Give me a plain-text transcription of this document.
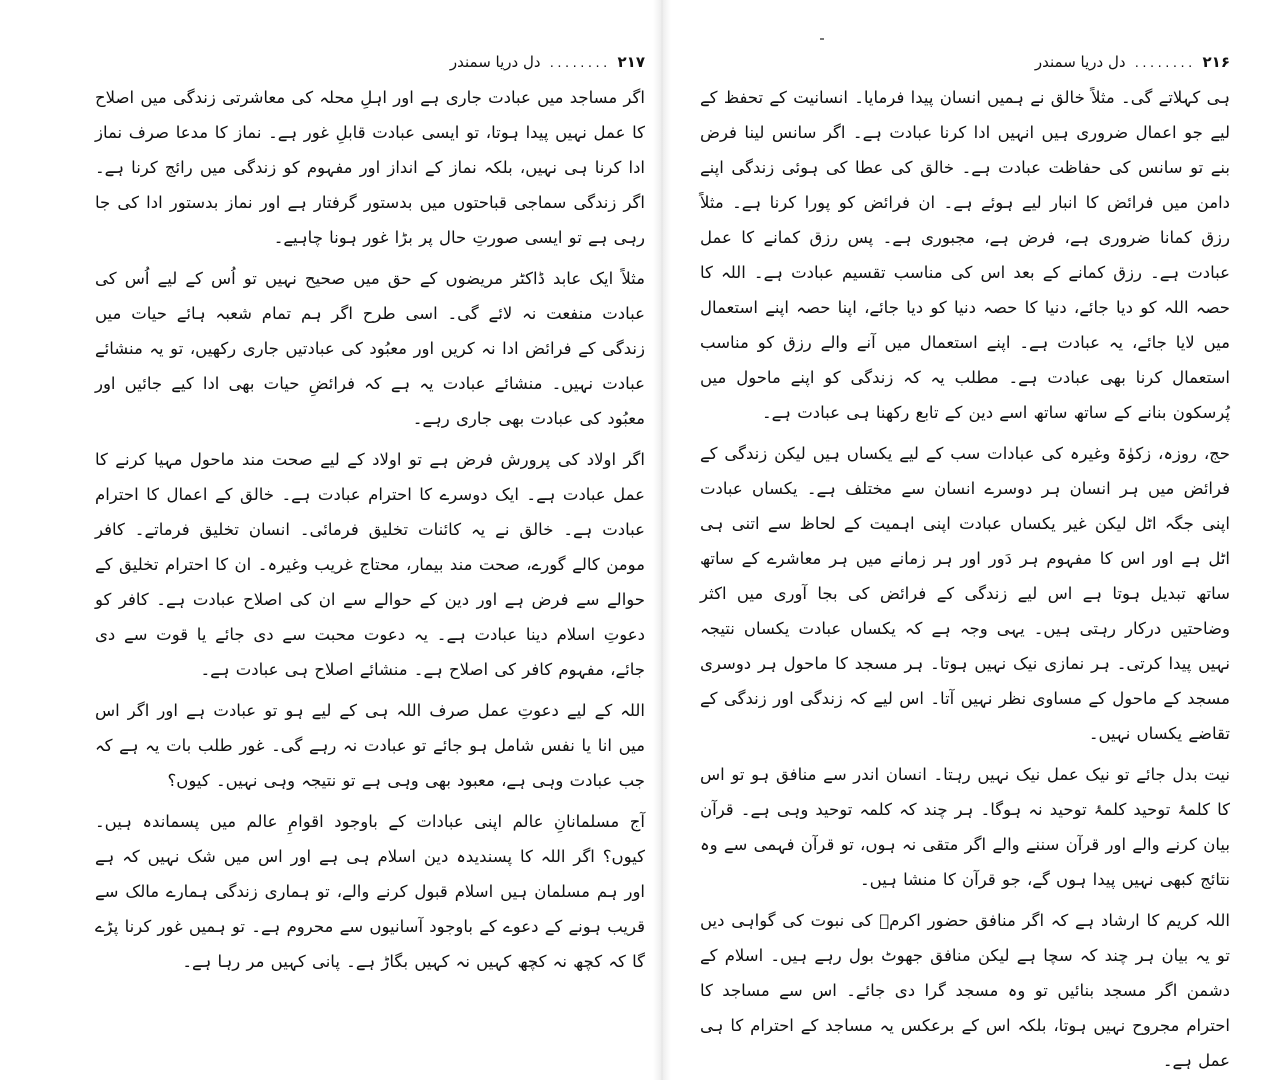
۲۱۶
........
دل دریا سمندر

ہی کہلاتے گی۔ مثلاً خالق نے ہمیں انسان پیدا فرمایا۔ انسانیت کے تحفظ کے لیے جو اعمال ضروری ہیں انہیں ادا کرنا عبادت ہے۔ اگر سانس لینا فرض بنے تو سانس کی حفاظت عبادت ہے۔ خالق کی عطا کی ہوئی زندگی اپنے دامن میں فرائض کا انبار لیے ہوئے ہے۔ ان فرائض کو پورا کرنا ہے۔ مثلاً رزق کمانا ضروری ہے، فرض ہے، مجبوری ہے۔ پس رزق کمانے کا عمل عبادت ہے۔ رزق کمانے کے بعد اس کی مناسب تقسیم عبادت ہے۔ اللہ کا حصہ اللہ کو دیا جائے، دنیا کا حصہ دنیا کو دیا جائے، اپنا حصہ اپنے استعمال میں لایا جائے، یہ عبادت ہے۔ اپنے استعمال میں آنے والے رزق کو مناسب استعمال کرنا بھی عبادت ہے۔ مطلب یہ کہ زندگی کو اپنے ماحول میں پُرسکون بنانے کے ساتھ ساتھ اسے دین کے تابع رکھنا ہی عبادت ہے۔

حج، روزہ، زکوٰۃ وغیرہ کی عبادات سب کے لیے یکساں ہیں لیکن زندگی کے فرائض میں ہر انسان ہر دوسرے انسان سے مختلف ہے۔ یکساں عبادت اپنی جگہ اٹل لیکن غیر یکساں عبادت اپنی اہمیت کے لحاظ سے اتنی ہی اٹل ہے اور اس کا مفہوم ہر دَور اور ہر زمانے میں ہر معاشرے کے ساتھ ساتھ تبدیل ہوتا ہے اس لیے زندگی کے فرائض کی بجا آوری میں اکثر وضاحتیں درکار رہتی ہیں۔ یہی وجہ ہے کہ یکساں عبادت یکساں نتیجہ نہیں پیدا کرتی۔ ہر نمازی نیک نہیں ہوتا۔ ہر مسجد کا ماحول ہر دوسری مسجد کے ماحول کے مساوی نظر نہیں آتا۔ اس لیے کہ زندگی اور زندگی کے تقاضے یکساں نہیں۔

نیت بدل جائے تو نیک عمل نیک نہیں رہتا۔ انسان اندر سے منافق ہو تو اس کا کلمۂ توحید کلمۂ توحید نہ ہوگا۔ ہر چند کہ کلمہ توحید وہی ہے۔ قرآن بیان کرنے والے اور قرآن سننے والے اگر متقی نہ ہوں، تو قرآن فہمی سے وہ نتائج کبھی نہیں پیدا ہوں گے، جو قرآن کا منشا ہیں۔

اللہ کریم کا ارشاد ہے کہ اگر منافق حضور اکرمؐ کی نبوت کی گواہی دیں تو یہ بیان ہر چند کہ سچا ہے لیکن منافق جھوٹ بول رہے ہیں۔ اسلام کے دشمن اگر مسجد بنائیں تو وہ مسجد گرا دی جائے۔ اس سے مساجد کا احترام مجروح نہیں ہوتا، بلکہ اس کے برعکس یہ مساجد کے احترام کا ہی عمل ہے۔

۲۱۷
........
دل دریا سمندر

اگر مساجد میں عبادت جاری ہے اور اہلِ محلہ کی معاشرتی زندگی میں اصلاح کا عمل نہیں پیدا ہوتا، تو ایسی عبادت قابلِ غور ہے۔ نماز کا مدعا صرف نماز ادا کرنا ہی نہیں، بلکہ نماز کے انداز اور مفہوم کو زندگی میں رائج کرنا ہے۔ اگر زندگی سماجی قباحتوں میں بدستور گرفتار ہے اور نماز بدستور ادا کی جا رہی ہے تو ایسی صورتِ حال پر بڑا غور ہونا چاہیے۔

مثلاً ایک عابد ڈاکٹر مریضوں کے حق میں صحیح نہیں تو اُس کے لیے اُس کی عبادت منفعت نہ لائے گی۔ اسی طرح اگر ہم تمام شعبہ ہائے حیات میں زندگی کے فرائض ادا نہ کریں اور معبُود کی عبادتیں جاری رکھیں، تو یہ منشائے عبادت نہیں۔ منشائے عبادت یہ ہے کہ فرائضِ حیات بھی ادا کیے جائیں اور معبُود کی عبادت بھی جاری رہے۔

اگر اولاد کی پرورش فرض ہے تو اولاد کے لیے صحت مند ماحول مہیا کرنے کا عمل عبادت ہے۔ ایک دوسرے کا احترام عبادت ہے۔ خالق کے اعمال کا احترام عبادت ہے۔ خالق نے یہ کائنات تخلیق فرمائی۔ انسان تخلیق فرماتے۔ کافر مومن کالے گورے، صحت مند بیمار، محتاج غریب وغیرہ۔ ان کا احترام تخلیق کے حوالے سے فرض ہے اور دین کے حوالے سے ان کی اصلاح عبادت ہے۔ کافر کو دعوتِ اسلام دینا عبادت ہے۔ یہ دعوت محبت سے دی جائے یا قوت سے دی جائے، مفہوم کافر کی اصلاح ہے۔ منشائے اصلاح ہی عبادت ہے۔

اللہ کے لیے دعوتِ عمل صرف اللہ ہی کے لیے ہو تو عبادت ہے اور اگر اس میں انا یا نفس شامل ہو جائے تو عبادت نہ رہے گی۔ غور طلب بات یہ ہے کہ جب عبادت وہی ہے، معبود بھی وہی ہے تو نتیجہ وہی نہیں۔ کیوں؟

آج مسلمانانِ عالم اپنی عبادات کے باوجود اقوامِ عالم میں پسماندہ ہیں۔ کیوں؟ اگر اللہ کا پسندیدہ دین اسلام ہی ہے اور اس میں شک نہیں کہ ہے اور ہم مسلمان ہیں اسلام قبول کرنے والے، تو ہماری زندگی ہمارے مالک سے قریب ہونے کے دعوے کے باوجود آسانیوں سے محروم ہے۔ تو ہمیں غور کرنا پڑے گا کہ کچھ نہ کچھ کہیں نہ کہیں بگاڑ ہے۔ پانی کہیں مر رہا ہے۔
